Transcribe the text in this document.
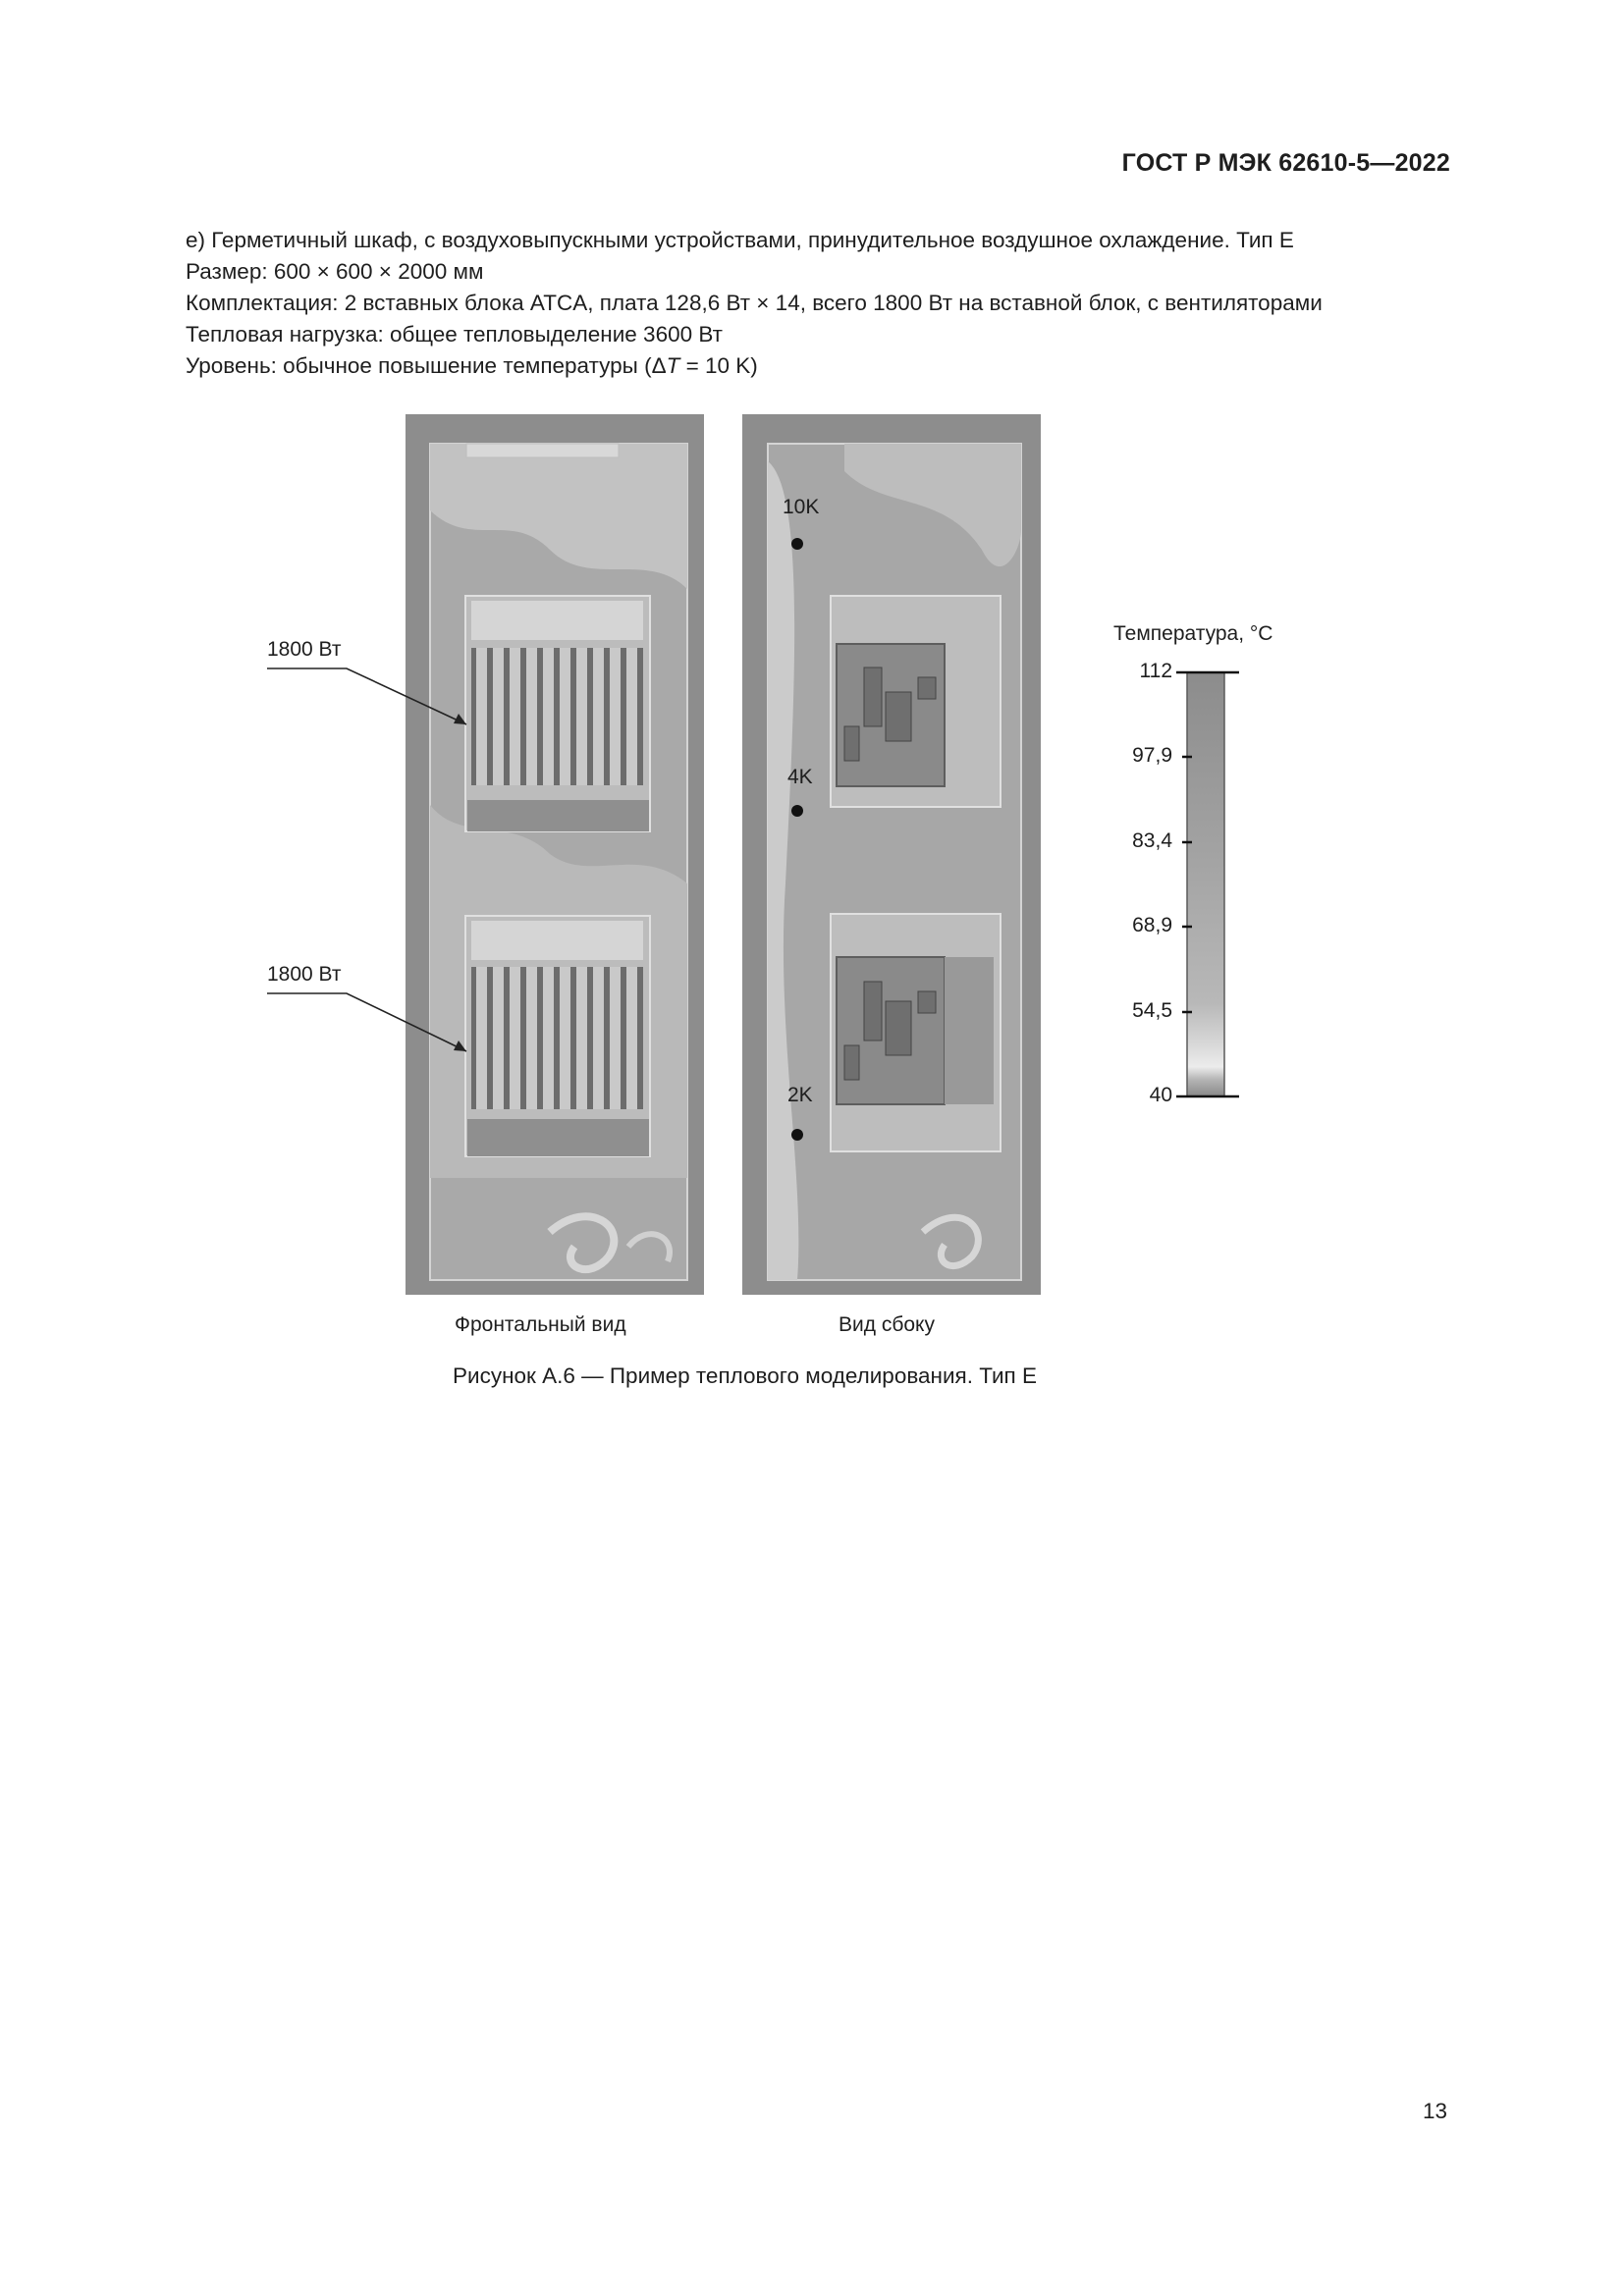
ГОСТ Р МЭК 62610-5—2022
e) Герметичный шкаф, с воздуховыпускными устройствами, принудительное воздушное охлаждение. Тип E
Размер: 600 × 600 × 2000 мм
Комплектация: 2 вставных блока ATCA, плата 128,6 Вт × 14, всего 1800 Вт на вставной блок, с вентиляторами
Тепловая нагрузка: общее тепловыделение 3600 Вт
Уровень: обычное повышение температуры (ΔT = 10 K)
1800 Вт
1800 Вт
10K
4K
2K
Температура, °C
112
97,9
83,4
68,9
54,5
40
Фронтальный вид	Вид сбоку
Рисунок А.6 — Пример теплового моделирования. Тип E
13
